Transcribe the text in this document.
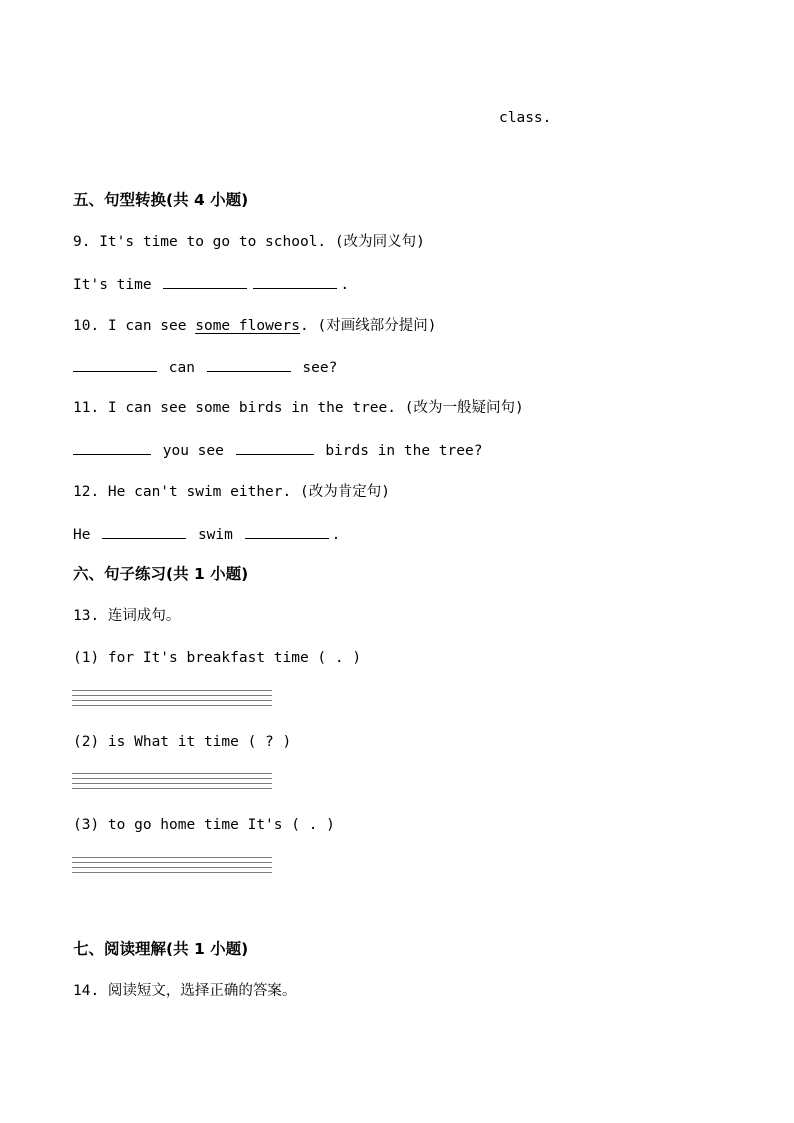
class.
五、句型转换(共 4 小题)
9. It's time to go to school. (改为同义句)
It's time	.
10. I can see some flowers. (对画线部分提问)
can	see?
11. I can see some birds in the tree. (改为一般疑问句)
you see	birds in the tree?
12. He can't swim either. (改为肯定句)
He	swim	.
六、句子练习(共 1 小题)
13. 连词成句。
(1) for It's breakfast time ( . )
(2) is What it time ( ? )
(3) to go home time It's ( . )
七、阅读理解(共 1 小题)
14. 阅读短文，选择正确的答案。
